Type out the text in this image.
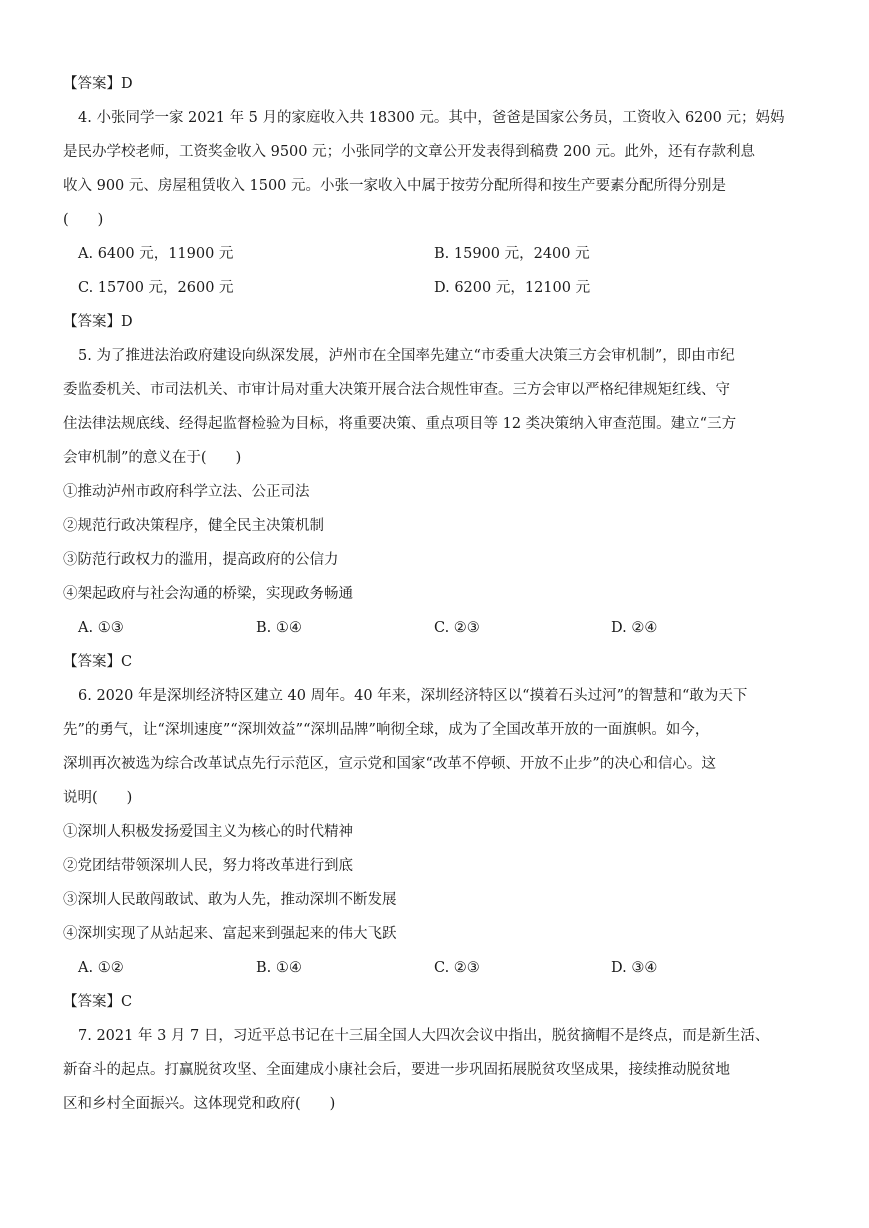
【答案】D
4. 小张同学一家 2021 年 5 月的家庭收入共 18300 元。其中，爸爸是国家公务员，工资收入 6200 元；妈妈
是民办学校老师，工资奖金收入 9500 元；小张同学的文章公开发表得到稿费 200 元。此外，还有存款利息
收入 900 元、房屋租赁收入 1500 元。小张一家收入中属于按劳分配所得和按生产要素分配所得分别是
(　　)
A. 6400 元，11900 元	B. 15900 元，2400 元
C. 15700 元，2600 元	D. 6200 元，12100 元
【答案】D
5. 为了推进法治政府建设向纵深发展，泸州市在全国率先建立“市委重大决策三方会审机制”，即由市纪
委监委机关、市司法机关、市审计局对重大决策开展合法合规性审查。三方会审以严格纪律规矩红线、守
住法律法规底线、经得起监督检验为目标，将重要决策、重点项目等 12 类决策纳入审查范围。建立“三方
会审机制”的意义在于(　　)
①推动泸州市政府科学立法、公正司法
②规范行政决策程序，健全民主决策机制
③防范行政权力的滥用，提高政府的公信力
④架起政府与社会沟通的桥梁，实现政务畅通
A. ①③	B. ①④	C. ②③	D. ②④
【答案】C
6. 2020 年是深圳经济特区建立 40 周年。40 年来，深圳经济特区以“摸着石头过河”的智慧和“敢为天下
先”的勇气，让“深圳速度”“深圳效益”“深圳品牌”响彻全球，成为了全国改革开放的一面旗帜。如今，
深圳再次被选为综合改革试点先行示范区，宣示党和国家“改革不停顿、开放不止步”的决心和信心。这
说明(　　)
①深圳人积极发扬爱国主义为核心的时代精神
②党团结带领深圳人民，努力将改革进行到底
③深圳人民敢闯敢试、敢为人先，推动深圳不断发展
④深圳实现了从站起来、富起来到强起来的伟大飞跃
A. ①②	B. ①④	C. ②③	D. ③④
【答案】C
7. 2021 年 3 月 7 日，习近平总书记在十三届全国人大四次会议中指出，脱贫摘帽不是终点，而是新生活、
新奋斗的起点。打赢脱贫攻坚、全面建成小康社会后，要进一步巩固拓展脱贫攻坚成果，接续推动脱贫地
区和乡村全面振兴。这体现党和政府(　　)
